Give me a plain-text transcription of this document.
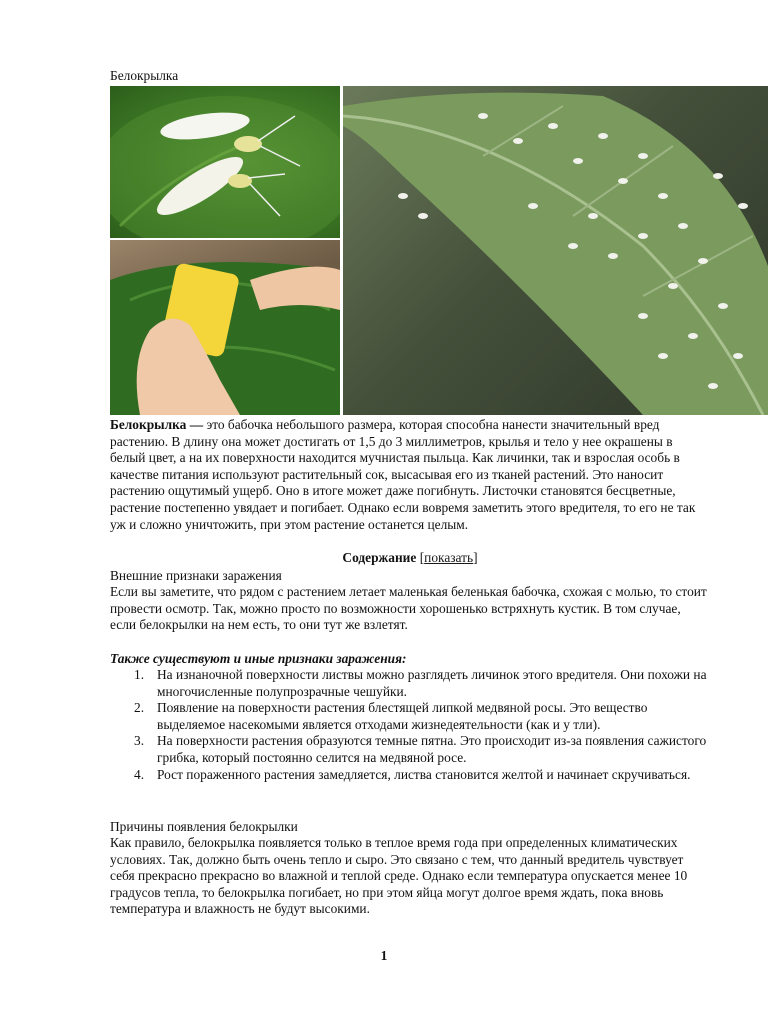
Белокрылка

Белокрылка — это бабочка небольшого размера, которая способна нанести значительный вред растению. В длину она может достигать от 1,5 до 3 миллиметров, крылья и тело у нее окрашены в белый цвет, а на их поверхности находится мучнистая пыльца. Как личинки, так и взрослая особь в качестве питания используют растительный сок, высасывая его из тканей растений. Это наносит растению ощутимый ущерб. Оно в итоге может даже погибнуть. Листочки становятся бесцветные, растение постепенно увядает и погибает. Однако если вовремя заметить этого вредителя, то его не так уж и сложно уничтожить, при этом растение останется целым.

Содержание [показать]
Внешние признаки заражения

Если вы заметите, что рядом с растением летает маленькая беленькая бабочка, схожая с молью, то стоит провести осмотр. Так, можно просто по возможности хорошенько встряхнуть кустик. В том случае, если белокрылки на нем есть, то они тут же взлетят.

Также существуют и иные признаки заражения:
1. На изнаночной поверхности листвы можно разглядеть личинок этого вредителя. Они похожи на многочисленные полупрозрачные чешуйки.
2. Появление на поверхности растения блестящей липкой медвяной росы. Это вещество выделяемое насекомыми является отходами жизнедеятельности (как и у тли).
3. На поверхности растения образуются темные пятна. Это происходит из-за появления сажистого грибка, который постоянно селится на медвяной росе.
4. Рост пораженного растения замедляется, листва становится желтой и начинает скручиваться.
Причины появления белокрылки

Как правило, белокрылка появляется только в теплое время года при определенных климатических условиях. Так, должно быть очень тепло и сыро. Это связано с тем, что данный вредитель чувствует себя прекрасно прекрасно во влажной и теплой среде. Однако если температура опускается менее 10 градусов тепла, то белокрылка погибает, но при этом яйца могут долгое время ждать, пока вновь температура и влажность не будут высокими.

1
